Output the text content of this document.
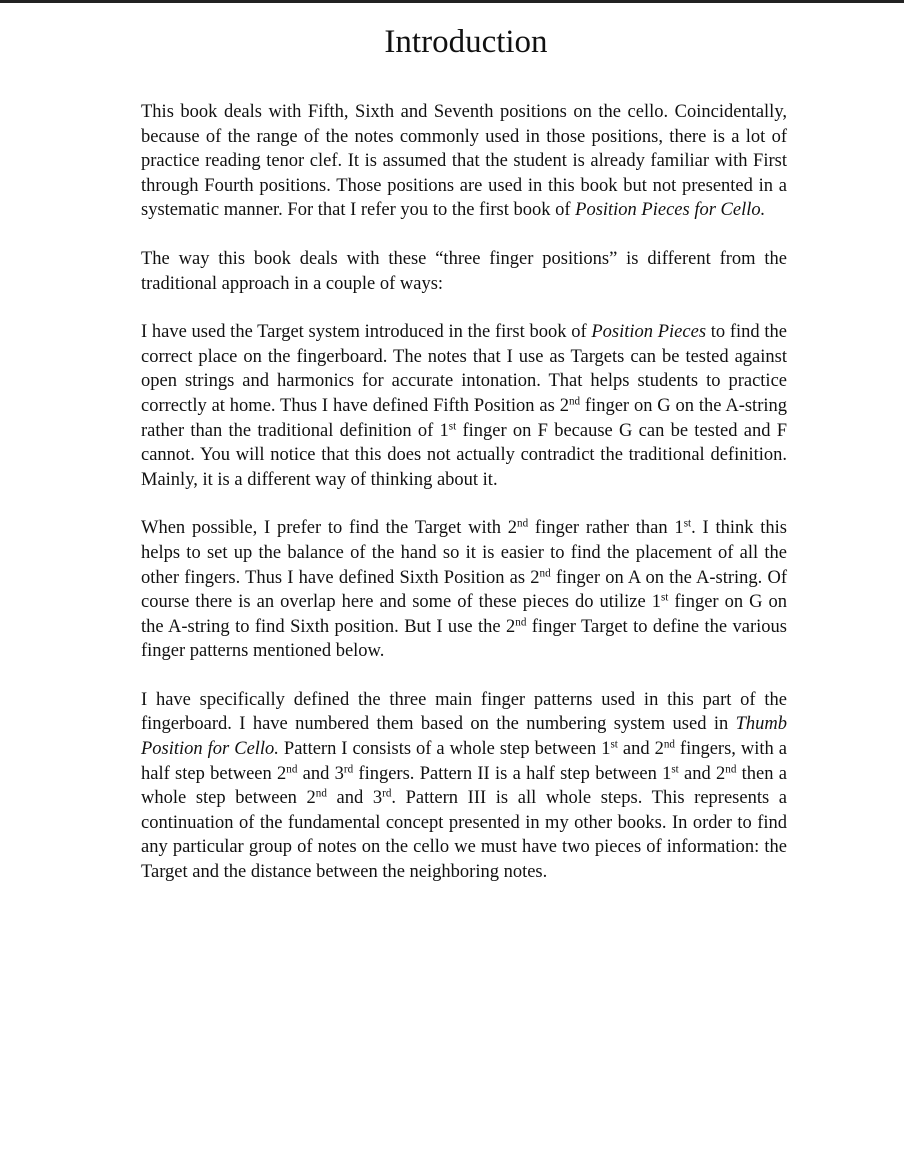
Introduction

This book deals with Fifth, Sixth and Seventh positions on the cello. Coincidentally, because of the range of the notes commonly used in those positions, there is a lot of practice reading tenor clef. It is assumed that the student is already familiar with First through Fourth positions. Those positions are used in this book but not presented in a systematic manner. For that I refer you to the first book of Position Pieces for Cello.

The way this book deals with these “three finger positions” is different from the traditional approach in a couple of ways:

I have used the Target system introduced in the first book of Position Pieces to find the correct place on the fingerboard. The notes that I use as Targets can be tested against open strings and harmonics for accurate intonation. That helps students to practice correctly at home. Thus I have defined Fifth Position as 2nd finger on G on the A-string rather than the traditional definition of 1st finger on F because G can be tested and F cannot. You will notice that this does not actually contradict the traditional definition. Mainly, it is a different way of thinking about it.

When possible, I prefer to find the Target with 2nd finger rather than 1st. I think this helps to set up the balance of the hand so it is easier to find the placement of all the other fingers. Thus I have defined Sixth Position as 2nd finger on A on the A-string. Of course there is an overlap here and some of these pieces do utilize 1st finger on G on the A-string to find Sixth position. But I use the 2nd finger Target to define the various finger patterns mentioned below.

I have specifically defined the three main finger patterns used in this part of the fingerboard. I have numbered them based on the numbering system used in Thumb Position for Cello. Pattern I consists of a whole step between 1st and 2nd fingers, with a half step between 2nd and 3rd fingers. Pattern II is a half step between 1st and 2nd then a whole step between 2nd and 3rd. Pattern III is all whole steps. This represents a continuation of the fundamental concept presented in my other books. In order to find any particular group of notes on the cello we must have two pieces of information: the Target and the distance between the neighboring notes.
